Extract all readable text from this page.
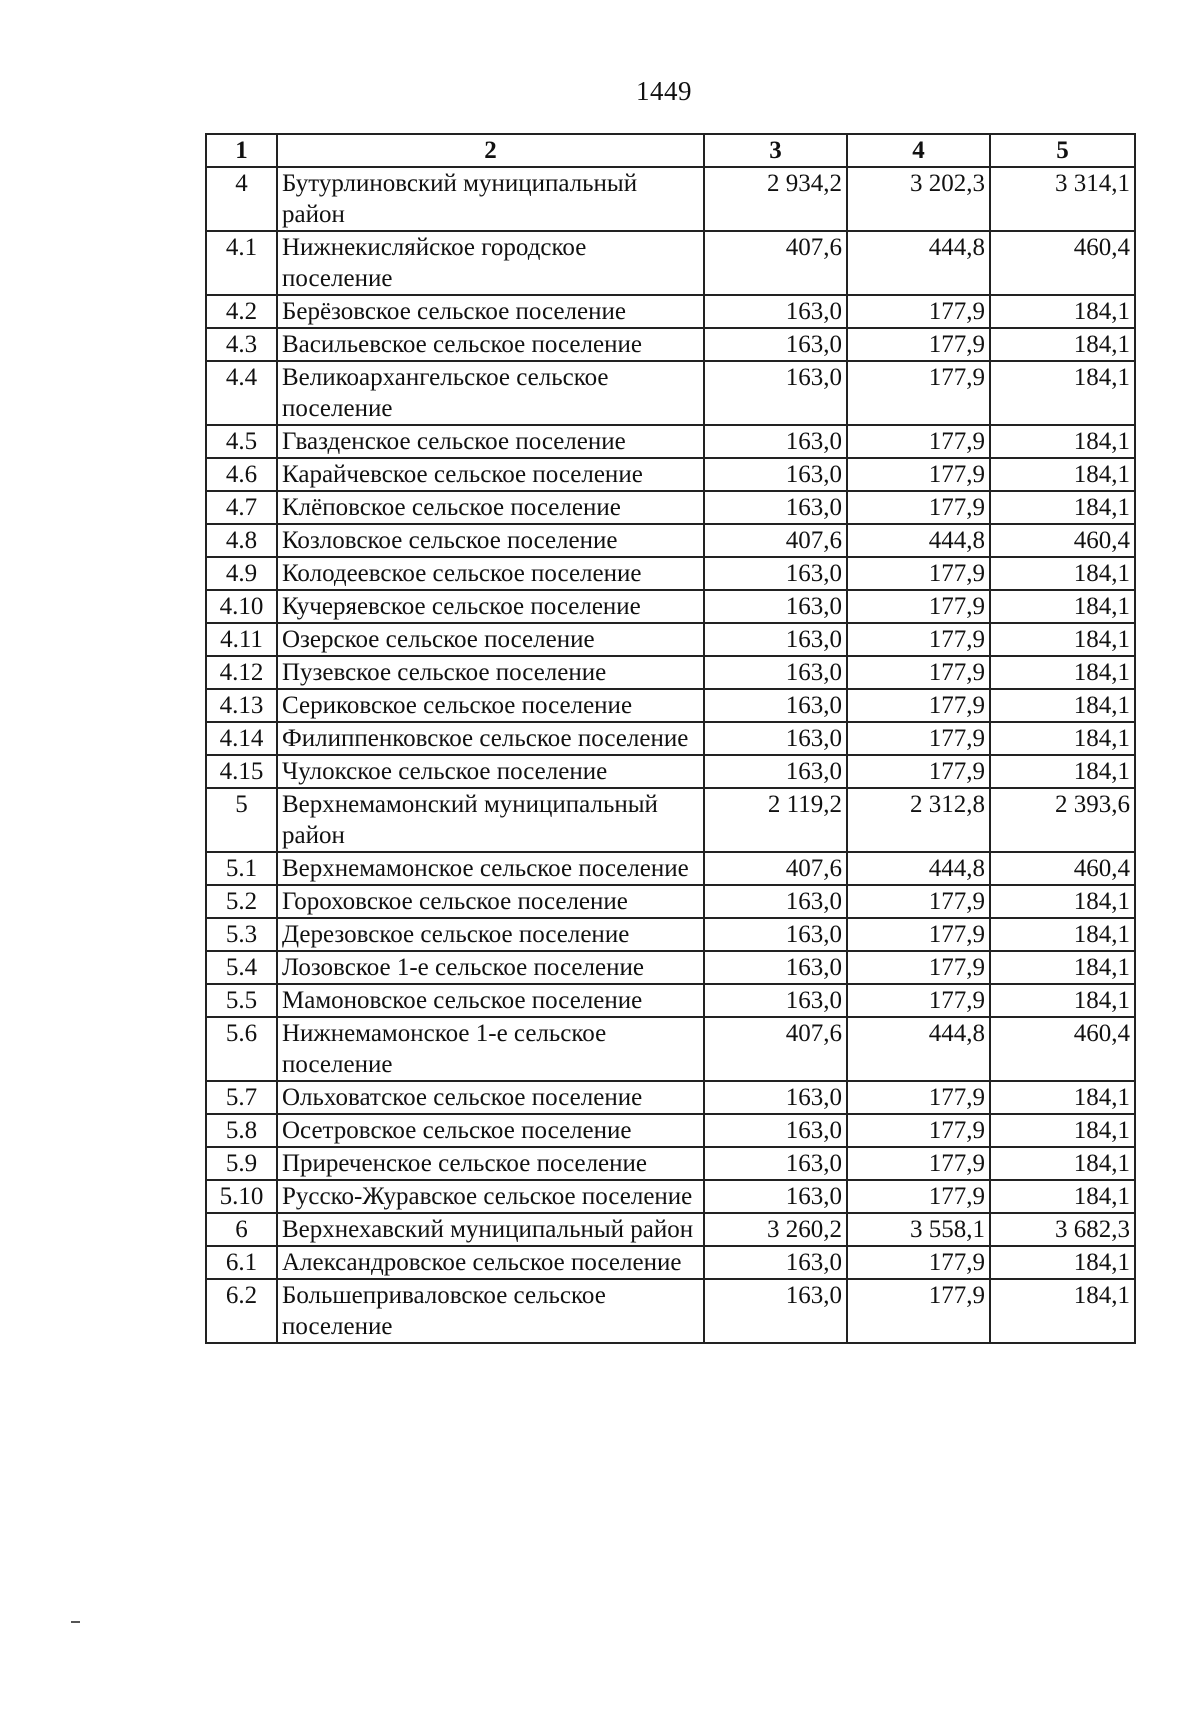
1449
1	2	3	4	5
4	Бутурлиновский муниципальный район	2 934,2	3 202,3	3 314,1
4.1	Нижнекисляйское городское поселение	407,6	444,8	460,4
4.2	Берёзовское сельское поселение	163,0	177,9	184,1
4.3	Васильевское сельское поселение	163,0	177,9	184,1
4.4	Великоархангельское сельское поселение	163,0	177,9	184,1
4.5	Гвазденское сельское поселение	163,0	177,9	184,1
4.6	Карайчевское сельское поселение	163,0	177,9	184,1
4.7	Клёповское сельское поселение	163,0	177,9	184,1
4.8	Козловское сельское поселение	407,6	444,8	460,4
4.9	Колодеевское сельское поселение	163,0	177,9	184,1
4.10	Кучеряевское сельское поселение	163,0	177,9	184,1
4.11	Озерское сельское поселение	163,0	177,9	184,1
4.12	Пузевское сельское поселение	163,0	177,9	184,1
4.13	Сериковское сельское поселение	163,0	177,9	184,1
4.14	Филиппенковское сельское поселение	163,0	177,9	184,1
4.15	Чулокское сельское поселение	163,0	177,9	184,1
5	Верхнемамонский муниципальный район	2 119,2	2 312,8	2 393,6
5.1	Верхнемамонское сельское поселение	407,6	444,8	460,4
5.2	Гороховское сельское поселение	163,0	177,9	184,1
5.3	Дерезовское сельское поселение	163,0	177,9	184,1
5.4	Лозовское 1-е сельское поселение	163,0	177,9	184,1
5.5	Мамоновское сельское поселение	163,0	177,9	184,1
5.6	Нижнемамонское 1-е сельское поселение	407,6	444,8	460,4
5.7	Ольховатское сельское поселение	163,0	177,9	184,1
5.8	Осетровское сельское поселение	163,0	177,9	184,1
5.9	Приреченское сельское поселение	163,0	177,9	184,1
5.10	Русско-Журавское сельское поселение	163,0	177,9	184,1
6	Верхнехавский муниципальный район	3 260,2	3 558,1	3 682,3
6.1	Александровское сельское поселение	163,0	177,9	184,1
6.2	Большеприваловское сельское поселение	163,0	177,9	184,1
